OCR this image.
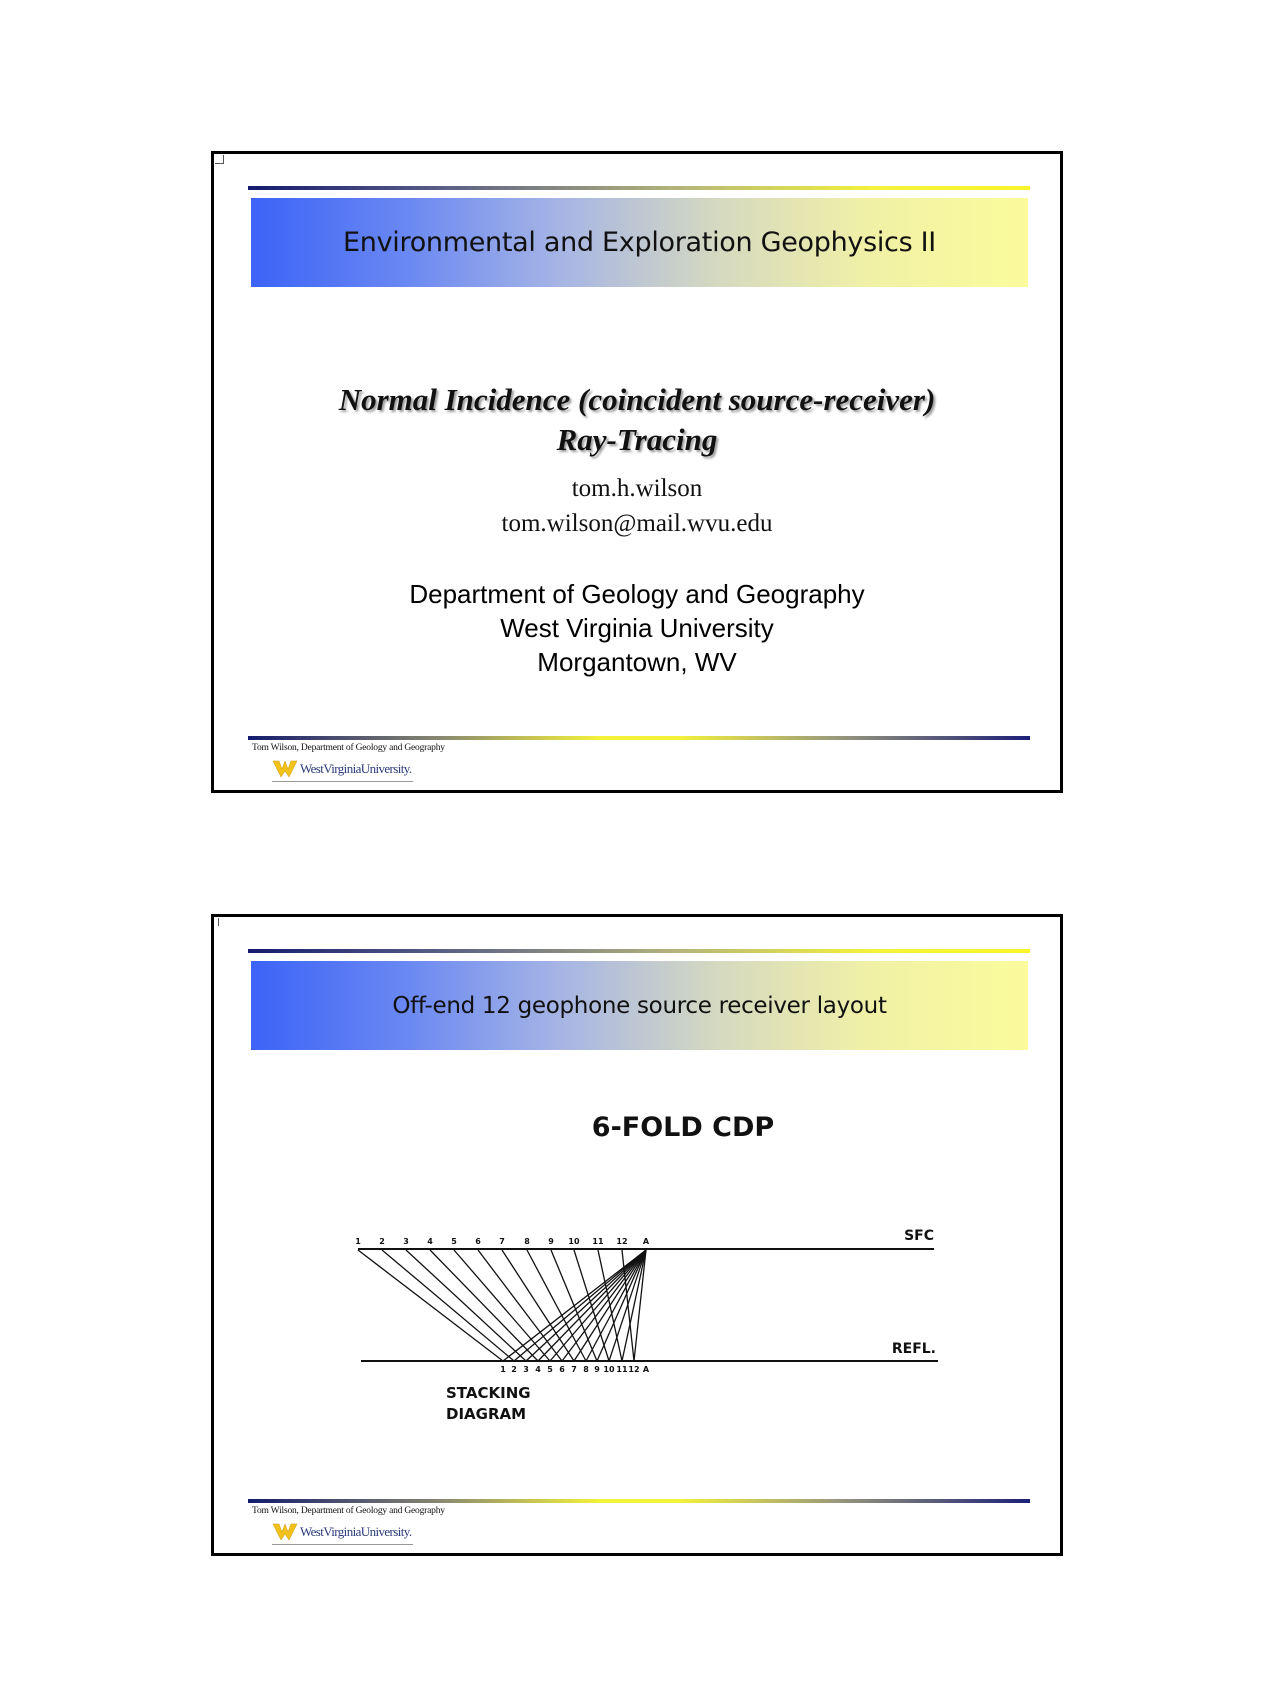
Environmental and Exploration Geophysics II
Normal Incidence (coincident source-receiver)
Ray-Tracing
tom.h.wilson
tom.wilson@mail.wvu.edu
Department of Geology and Geography
West Virginia University
Morgantown, WV
Tom Wilson, Department of Geology and Geography
WestVirginiaUniversity.
Off-end 12 geophone source receiver layout
6-FOLD CDP
SFC
REFL.
1 2 3 4 5 6 7 8 9 10 11 12 A
1 2 3 4 5 6 7 8 9 10 11 12 A
STACKING
DIAGRAM
Tom Wilson, Department of Geology and Geography
WestVirginiaUniversity.
